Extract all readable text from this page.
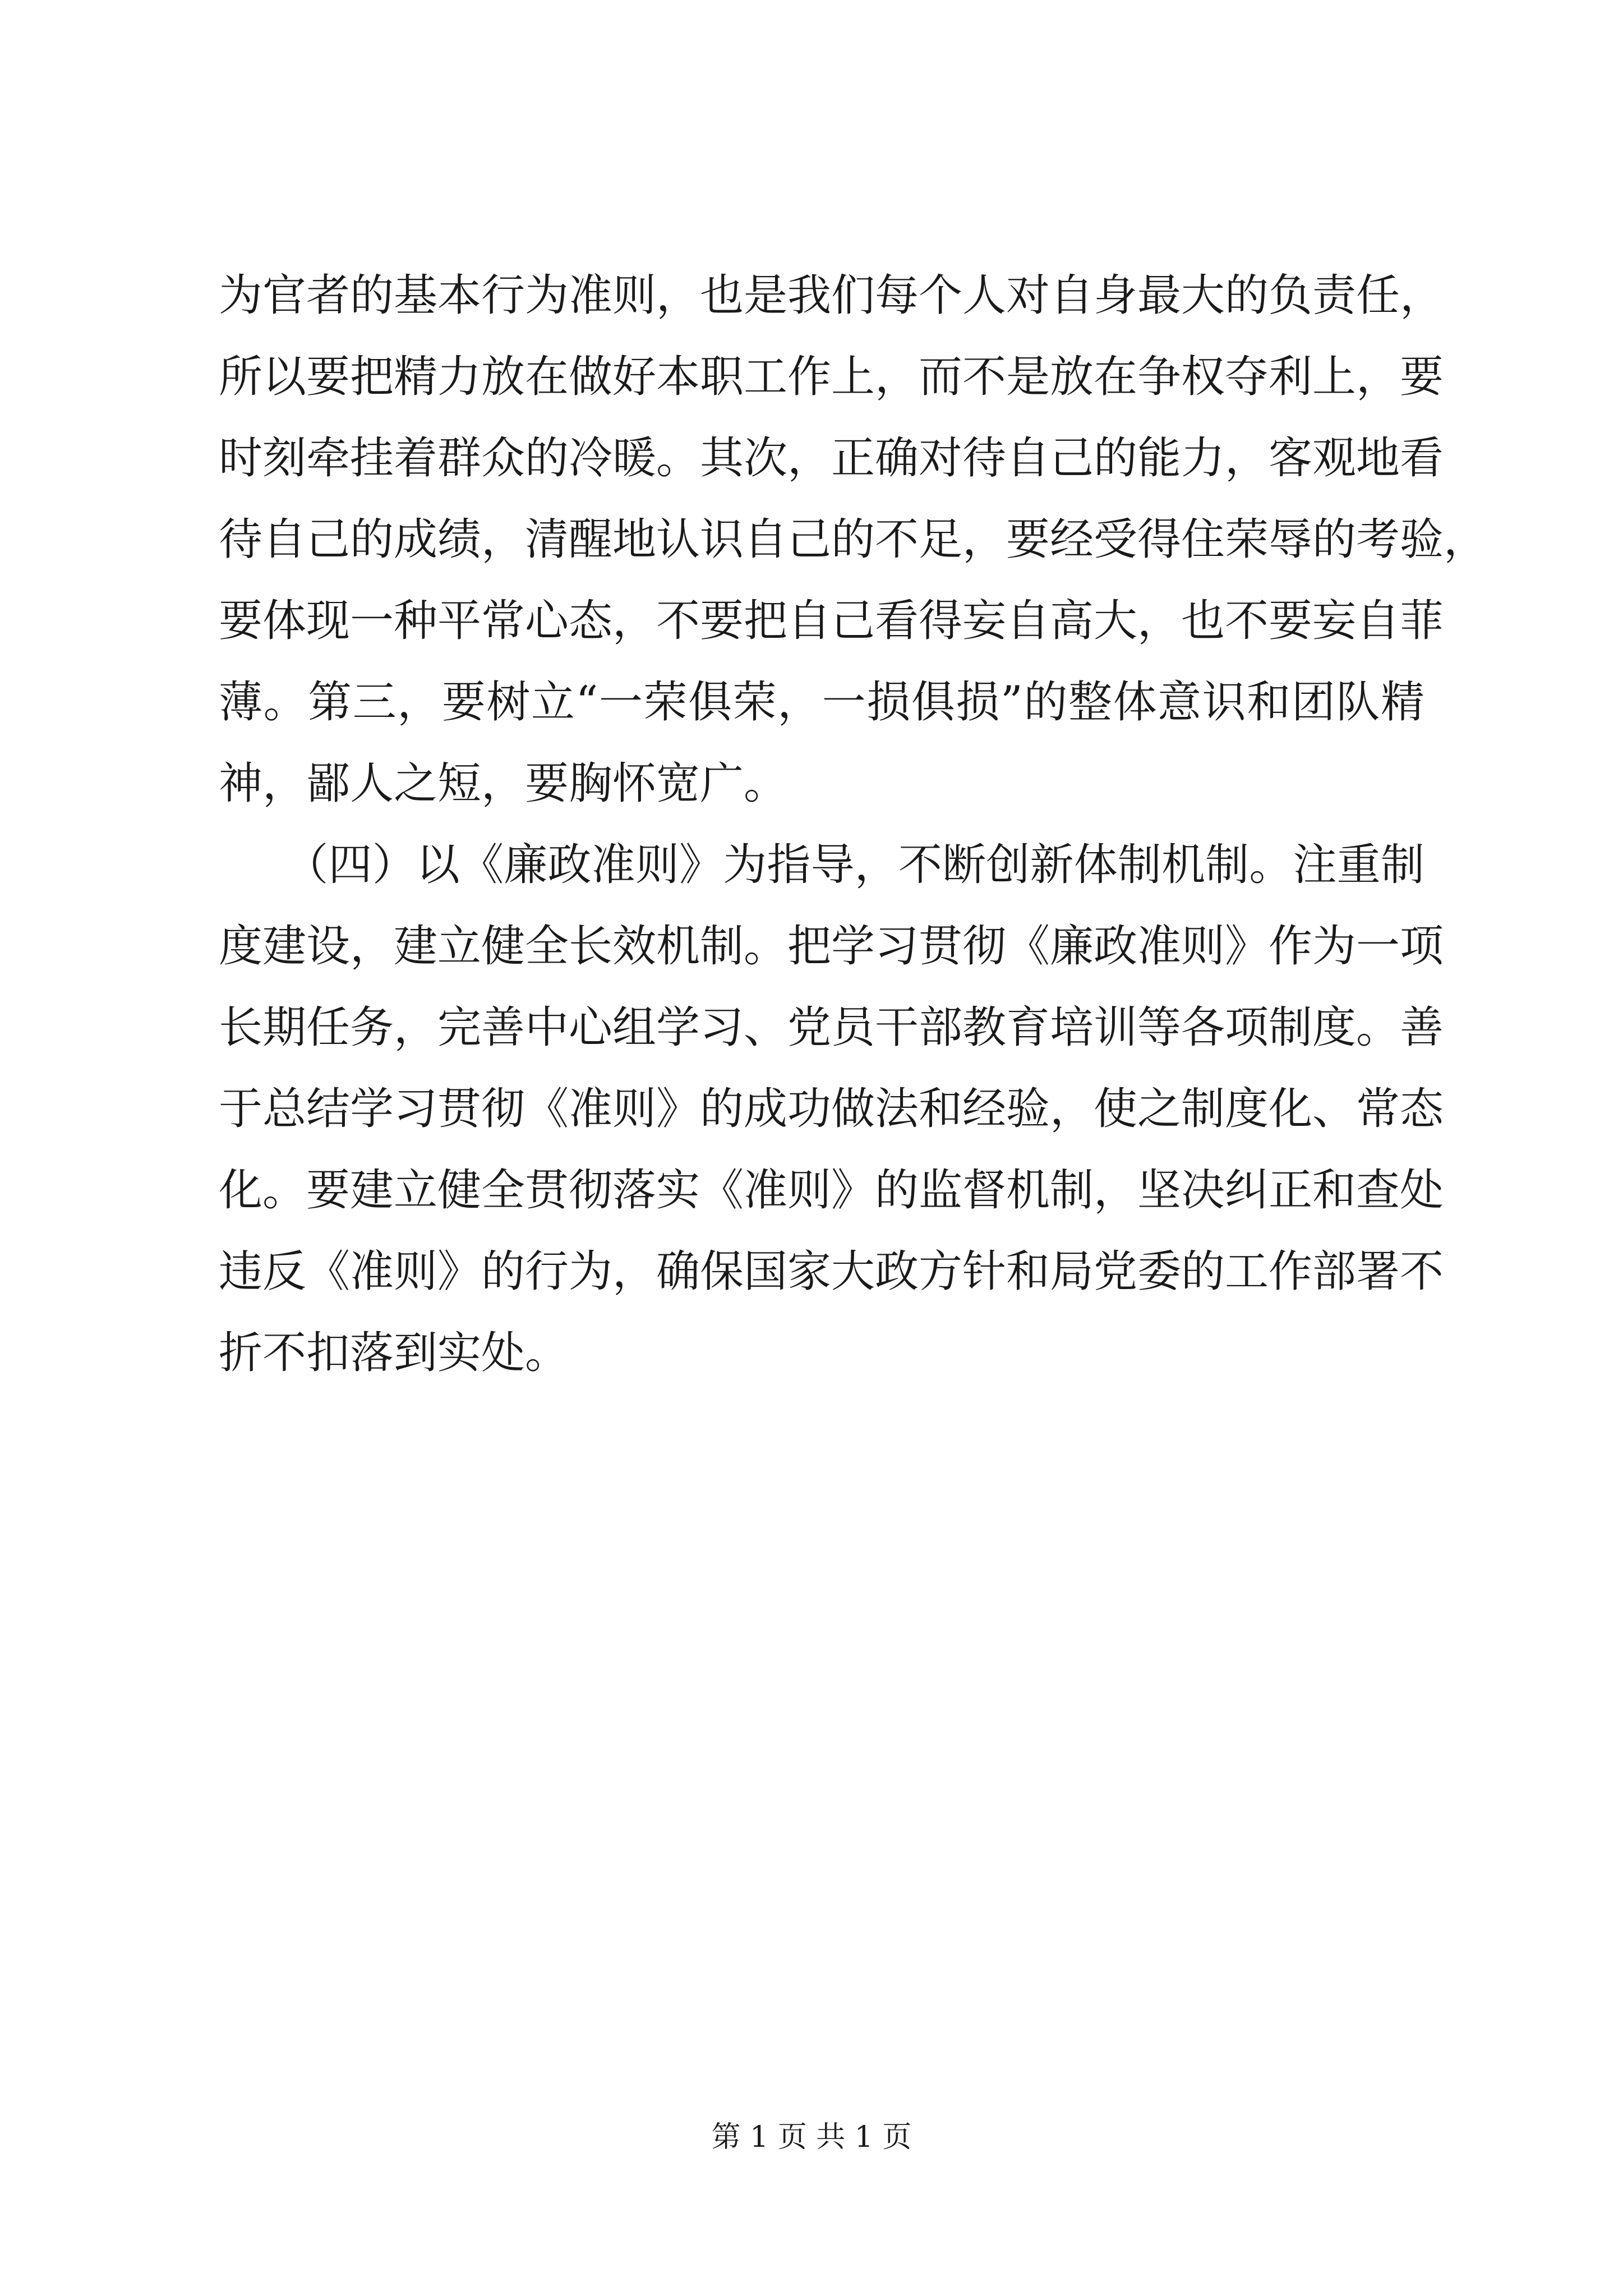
为官者的基本行为准则，也是我们每个人对自身最大的负责任，
所以要把精力放在做好本职工作上，而不是放在争权夺利上，要
时刻牵挂着群众的冷暖。其次，正确对待自己的能力，客观地看
待自己的成绩，清醒地认识自己的不足，要经受得住荣辱的考验，
要体现一种平常心态，不要把自己看得妄自高大，也不要妄自菲
薄。第三，要树立“一荣俱荣，一损俱损”的整体意识和团队精
神，鄙人之短，要胸怀宽广。
　　（四）以《廉政准则》为指导，不断创新体制机制。注重制
度建设，建立健全长效机制。把学习贯彻《廉政准则》作为一项
长期任务，完善中心组学习、党员干部教育培训等各项制度。善
于总结学习贯彻《准则》的成功做法和经验，使之制度化、常态
化。要建立健全贯彻落实《准则》的监督机制，坚决纠正和查处
违反《准则》的行为，确保国家大政方针和局党委的工作部署不
折不扣落到实处。
第 1 页 共 1 页
